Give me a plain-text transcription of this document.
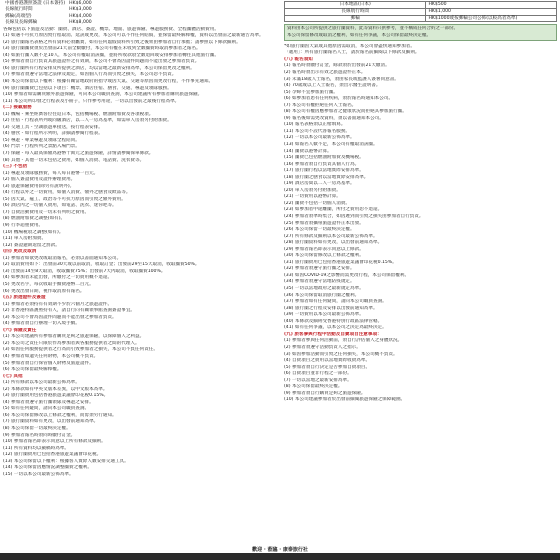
中國香港護照簽證 (日本簽持)	HK$6,000
長線航行時間	HK$3,000
郵輪(高端型)	HK$4,000
長線及長線郵輪	HK$8,000
各線包括以下旅遊及活動：團費、酒店、簽證、機票、地面、旅遊保險、導遊服務費、全程團體活動費用。
(1) 如遇不可抗力原因致行程取消、延誤或更改，本公司可以不作任何賠償，並保留最終解釋權，資料以出發前之最新通告為準。
(2) 旅行團報名表格之所有資料必須屬實，如有任何虛假資料所引致之後果由參加者自行承擔；請參照以下條款細則。
(3) 旅行團團費須於出發前21天前全數繳付，本公司有權在未收到全數團費時取消參加者之報名。
(4) 如旅行團人數不足10人，本公司有權取消該團，並將所收款項全數退回或安排參加者轉往其他旅行團。
(5) 參加者須自行負責其旅遊證件之有效期，本公司不會為因證件問題而不能出發之參加者負責。
(6) 旅行團所有行程安排及所提供之酒店，均以當地之最新安排為準，本公司保留更改之權利。
(7) 參加者須遵守當地之法律及規定，如因個人行為而引致之損失，本公司恕不負責。
(8) 本公司保留以下權利：根據有關當地政府的指令或因天氣、交通等原因而更改行程，不作事先通知。
(9) 旅行團團費已包括以下項目：機票、酒店住宿、膳食、交通、導遊及領隊服務。
(10) 參加者如需購買額外旅遊保險，可向本公司職員查詢，本公司建議所有參加者購買旅遊保險。
(11) 本公司所印發之行程表及小冊子，只作參考用途，一切以出發前之最後行程為準。
(二) 接載服務
(1) 機場 - 乘坐經濟客位往返日本，包括機場稅、燃油附加費及各項稅項。
(2) 住宿 - 行程表所列或同級酒店，以二人一房為基準，如需單人房須另付附加費。
(3) 交通工具 - 空調旅遊車接送，按行程表安排。
(4) 膳食 - 如行程所示列明，詳細請參閱行程表。
(5) 導遊 - 專業導遊及領隊全程陪同。
(6) 門票 - 行程所列之景點入場門票。
(7) 保險 - 每人最高保額為港幣十萬元之旅遊保險，詳情請參閱保單條款。
(8) 其他 - 其他一切未包括之費用，如個人消費、電話費、洗衣費等。
(三) 不包括
(1) 導遊及領隊服務費，每人每日港幣一百元。
(2) 個人簽證費用及證件辦理費用。
(3) 旅遊保險費用(除另有說明外)。
(4) 行程以外之一切費用，如個人消費、額外之膳食及飲品等。
(5) 因天氣、罷工、政治等不可抗力原因而引致之額外費用。
(6) 酒店內之一切個人費用，如電話、洗衣、迷你吧等。
(7) 自費活動費用及一切未有列明之費用。
(8) 燃油附加費之調整(如有)。
(9) 行李超重費用。
(10) 機場稅項之調整(如有)。
(11) 單人房附加費。
(12) 簽證逾期逗留之罰款。
(四) 更改及取消
(1) 參加者如欲更改或取消報名，必須以書面通知本公司。
(2) 取消費用如下：出發前30天或以前取消，收取訂金；出發前29至15天取消，收取團費50%。
(3) 出發前14至8天取消，收取團費75%；出發前7天內取消，收取團費100%。
(4) 如參加者未能出發，所繳付之一切費用概不退還。
(5) 更改名字，每次收取手續費港幣二百元。
(6) 更改出發日期，視作取消原有報名。
(五) 旅遊證件及簽證
(1) 參加者必須持有有效期不少於六個月之旅遊證件。
(2) 非香港特區護照持有人，請自行向有關領事館查詢簽證事宜。
(3) 本公司不會為因證件問題而不能出發之參加者負責。
(4) 參加者須自行辦理一切入境手續。
(六) 保險及責任
(1) 本公司建議所有參加者購買足夠之旅遊保險，以保障個人之利益。
(2) 本公司之責任只限於作為參加者與各服務提供者之間的代理人。
(3) 如因任何服務提供者之行為而引致參加者之損失，本公司不負任何責任。
(4) 參加者如遺失任何財物，本公司概不負責。
(5) 參加者須自行保管個人財物及旅遊證件。
(6) 本公司保留最終解釋權。
(七) 其他
(1) 所有條款以本公司最新公佈為準。
(2) 本條款如有中英文版本差異，以中文版本為準。
(3) 旅行團費用包括香港旅遊業議會印花稅0.15%。
(4) 參加者須遵守旅行團領隊及導遊之安排。
(5) 如有任何疑問，請向本公司職員查詢。
(6) 本公司保留修改以上條款之權利，而毋須另行通知。
(7) 旅行團資料如有更改，以出發前通知為準。
(8) 本公司保留一切最終決定權。
(9) 參加者報名時須同時繳付訂金。
(10) 參加者報名即表示同意以上所有條款及細則。
(11) 所有資料均以截稿時為準。
(12) 旅行團費用已包括香港旅遊業議會印花稅。
(13) 本公司保留以下權利：根據客人實際人數安排交通工具。
(14) 本公司保留因應情況調整團費之權利。
(15) 一切以本公司最新公佈為準。
日本地區(日本)	HK$500
長線航行時間	HK$1,000
郵輪	HK$1000或按郵輪公司公佈(以較高者為準)
資料由本公司所提供之旅行團資料，此等資料只供參考，並不構成任何合約之一部份。
本公司保留修改或取消之權利，如有任何爭議，本公司保留最終決定權。
*如旅行團因天氣或其他原因需取消，本公司會盡快通知參加者。
「適用」：所有旅行團報名人士，請於報名前細閱以下條款及細則。
(八) 報名須知
(1) 報名時須繳付訂金，餘款須於出發前21天繳清。
(2) 報名時須出示有效之旅遊證件正本。
(3) 未滿18歲人士報名，須由家長或監護人簽署同意書。
(4) 70歲或以上人士報名，須出示醫生證明書。
(5) 孕婦不宜參加旅行團。
(6) 如參加者患有任何疾病，須於報名時通知本公司。
(7) 本公司有權拒絕任何人士報名。
(8) 本公司有權因應參加者之健康狀況而拒絕其參加旅行團。
(9) 報名後如需更改資料，須以書面通知本公司。
(10) 報名表格須以正楷填寫。
(11) 本公司不設代客報名服務。
(12) 一切以本公司最新公佈為準。
(13) 如報名人數不足，本公司有權取消該團。
(14) 團費以港幣計算。
(15) 團費已包括燃油附加費及機場稅。
(16) 參加者須自行負責其個人行為。
(17) 旅行團行程以當地實際安排為準。
(18) 旅行團之膳食以當地實際安排為準。
(19) 酒店房間以二人一房為基準。
(20) 單人房須另付附加費。
(21) 一切費用以港幣計算。
(22) 團費不包括一切個人消費。
(23) 如參加者中途離團，所付之費用恕不退還。
(24) 參加者須準時集合，如因遲到而引致之損失由參加者自行負責。
(25) 參加者須攜帶旅遊證件正本出發。
(26) 本公司保留一切最終決定權。
(27) 所有條款及細則以本公司最新公佈為準。
(28) 旅行團資料如有更改，以出發前通知為準。
(29) 參加者報名即表示同意以上條款。
(30) 本公司保留修改以上條款之權利。
(31) 旅行團費用已包括香港旅遊業議會印花稅0.15%。
(32) 參加者須遵守旅行團之安排。
(33) 如因COVID-19之影響而需更改行程，本公司保留權利。
(34) 參加者須遵守當地防疫規定。
(35) 一切以當地政府之最新規定為準。
(36) 本公司保留取消旅行團之權利。
(37) 參加者如有任何疑問，請向本公司職員查詢。
(38) 旅行團之行程及安排以出發前通知為準。
(39) 一切費用以本公司最新公佈為準。
(40) 本條款及細則受香港特別行政區法律管轄。
(41) 如有任何爭議，以本公司之決定為最終決定。
(九) 旅客參與行程中活動及自費項目注意事項：
(1) 參加者參與任何活動前，須自行評估個人之身體狀況。
(2) 參加者須遵守活動負責人之指示。
(3) 如因參加活動而引致之任何損失，本公司概不負責。
(4) 自費項目之費用以當地實際收費為準。
(5) 參加者須自行決定是否參加自費項目。
(6) 自費項目並非行程之一部份。
(7) 一切以當地之最新安排為準。
(8) 本公司保留最終決定權。
(9) 參加者須自行購買足夠之旅遊保險。
(10) 本公司建議參加者於出發前細閱旅遊保險之保障範圍。
歡迎 · 蒞臨 · 康泰旅行社
